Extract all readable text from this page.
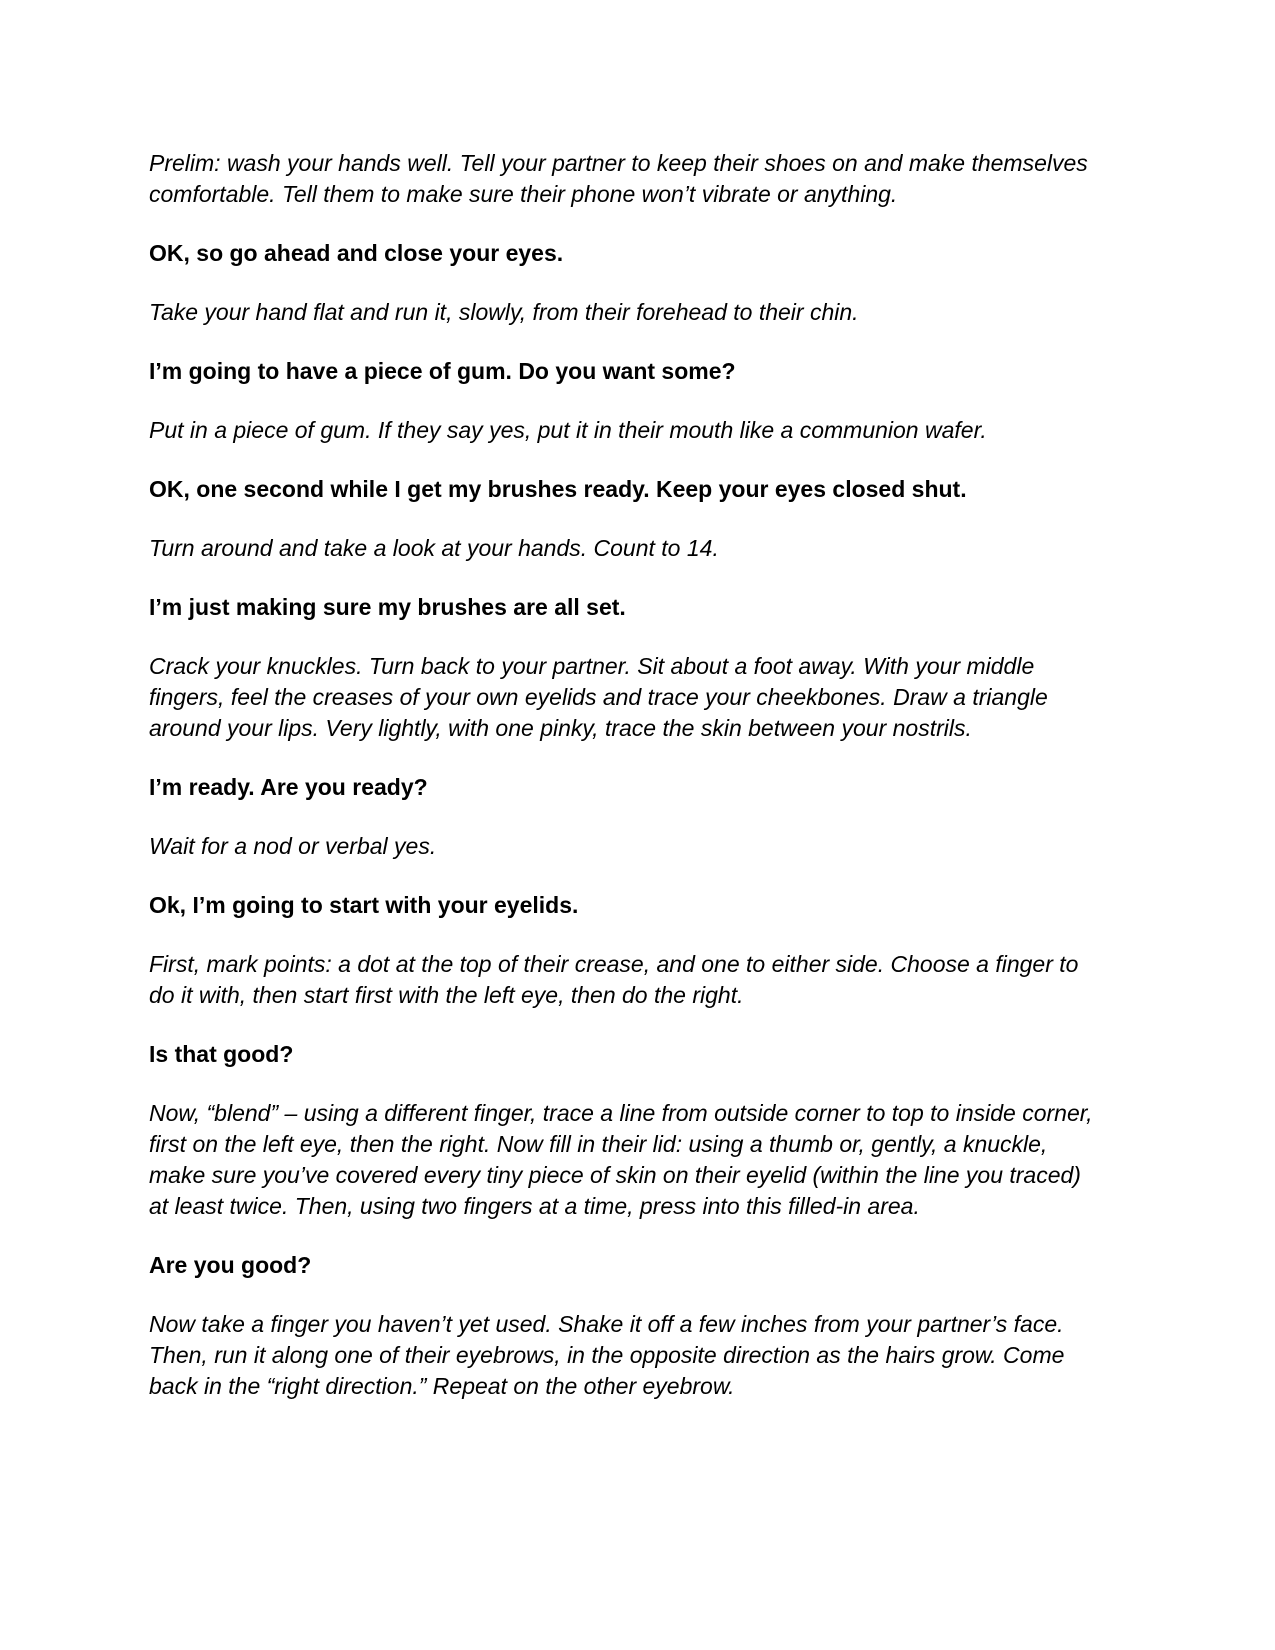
Prelim: wash your hands well. Tell your partner to keep their shoes on and make themselves
comfortable. Tell them to make sure their phone won’t vibrate or anything.

OK, so go ahead and close your eyes.

Take your hand flat and run it, slowly, from their forehead to their chin.

I’m going to have a piece of gum. Do you want some?

Put in a piece of gum. If they say yes, put it in their mouth like a communion wafer.

OK, one second while I get my brushes ready. Keep your eyes closed shut.

Turn around and take a look at your hands. Count to 14.

I’m just making sure my brushes are all set.

Crack your knuckles. Turn back to your partner. Sit about a foot away. With your middle
fingers, feel the creases of your own eyelids and trace your cheekbones. Draw a triangle
around your lips. Very lightly, with one pinky, trace the skin between your nostrils.

I’m ready. Are you ready?

Wait for a nod or verbal yes.

Ok, I’m going to start with your eyelids.

First, mark points: a dot at the top of their crease, and one to either side. Choose a finger to
do it with, then start first with the left eye, then do the right.

Is that good?

Now, “blend” – using a different finger, trace a line from outside corner to top to inside corner,
first on the left eye, then the right. Now fill in their lid: using a thumb or, gently, a knuckle,
make sure you’ve covered every tiny piece of skin on their eyelid (within the line you traced)
at least twice. Then, using two fingers at a time, press into this filled-in area.

Are you good?

Now take a finger you haven’t yet used. Shake it off a few inches from your partner’s face.
Then, run it along one of their eyebrows, in the opposite direction as the hairs grow. Come
back in the “right direction.” Repeat on the other eyebrow.
